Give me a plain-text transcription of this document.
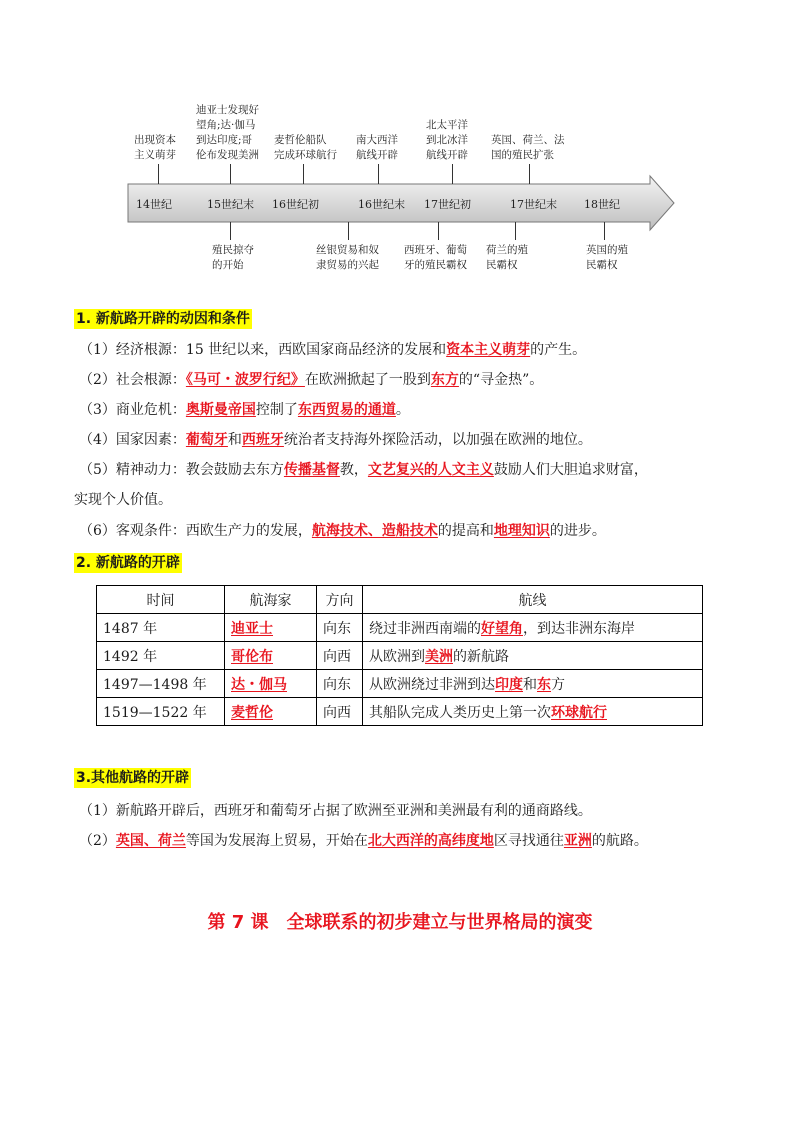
14世纪	15世纪末 16世纪初	16世纪末 17世纪初	17世纪末 18世纪
出现资本
主义萌芽
迪亚士发现好
望角;达·伽马
到达印度;哥
伦布发现美洲
麦哲伦船队
完成环球航行
南大西洋
航线开辟
北太平洋
到北冰洋
航线开辟
英国、荷兰、法
国的殖民扩张
殖民掠夺
的开始
丝银贸易和奴
隶贸易的兴起
西班牙、葡萄
牙的殖民霸权
荷兰的殖
民霸权
英国的殖
民霸权
1. 新航路开辟的动因和条件
（1）经济根源：15 世纪以来，西欧国家商品经济的发展和资本主义萌芽的产生。
（2）社会根源：《马可・波罗行纪》在欧洲掀起了一股到东方的“寻金热”。
（3）商业危机：奥斯曼帝国控制了东西贸易的通道。
（4）国家因素：葡萄牙和西班牙统治者支持海外探险活动，以加强在欧洲的地位。
（5）精神动力：教会鼓励去东方传播基督教，文艺复兴的人文主义鼓励人们大胆追求财富，
实现个人价值。
（6）客观条件：西欧生产力的发展，航海技术、造船技术的提高和地理知识的进步。
2. 新航路的开辟
时间	航海家	方向	航线
1487 年	迪亚士	向东	绕过非洲西南端的好望角，到达非洲东海岸
1492 年	哥伦布	向西	从欧洲到美洲的新航路
1497—1498 年	达・伽马	向东	从欧洲绕过非洲到达印度和东方
1519—1522 年	麦哲伦	向西	其船队完成人类历史上第一次环球航行
3.其他航路的开辟
（1）新航路开辟后，西班牙和葡萄牙占据了欧洲至亚洲和美洲最有利的通商路线。
（2）英国、荷兰等国为发展海上贸易，开始在北大西洋的高纬度地区寻找通往亚洲的航路。
第 7 课　全球联系的初步建立与世界格局的演变
